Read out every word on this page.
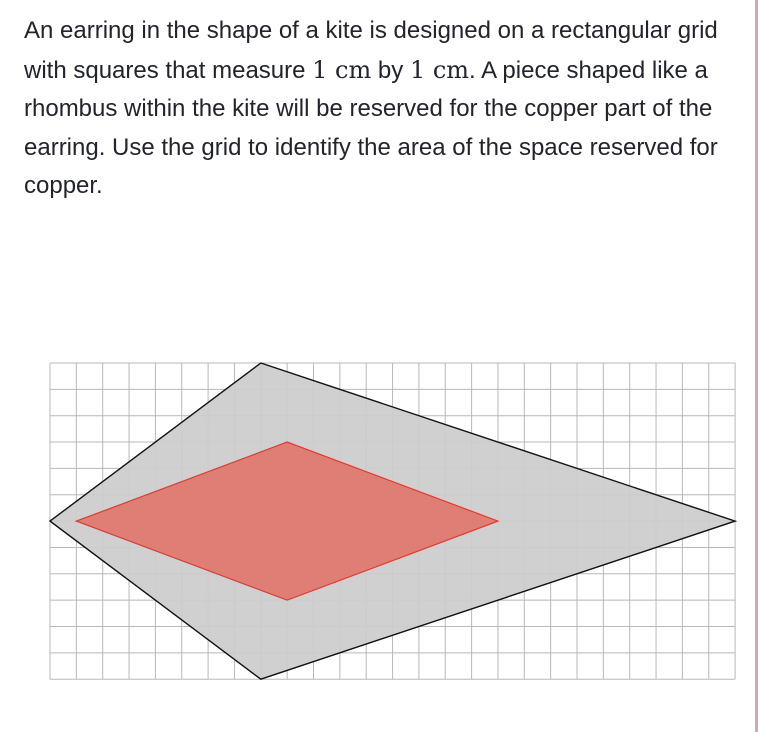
An earring in the shape of a kite is designed on a rectangular grid with squares that measure 1 cm by 1 cm. A piece shaped like a rhombus within the kite will be reserved for the copper part of the earring. Use the grid to identify the area of the space reserved for copper.
